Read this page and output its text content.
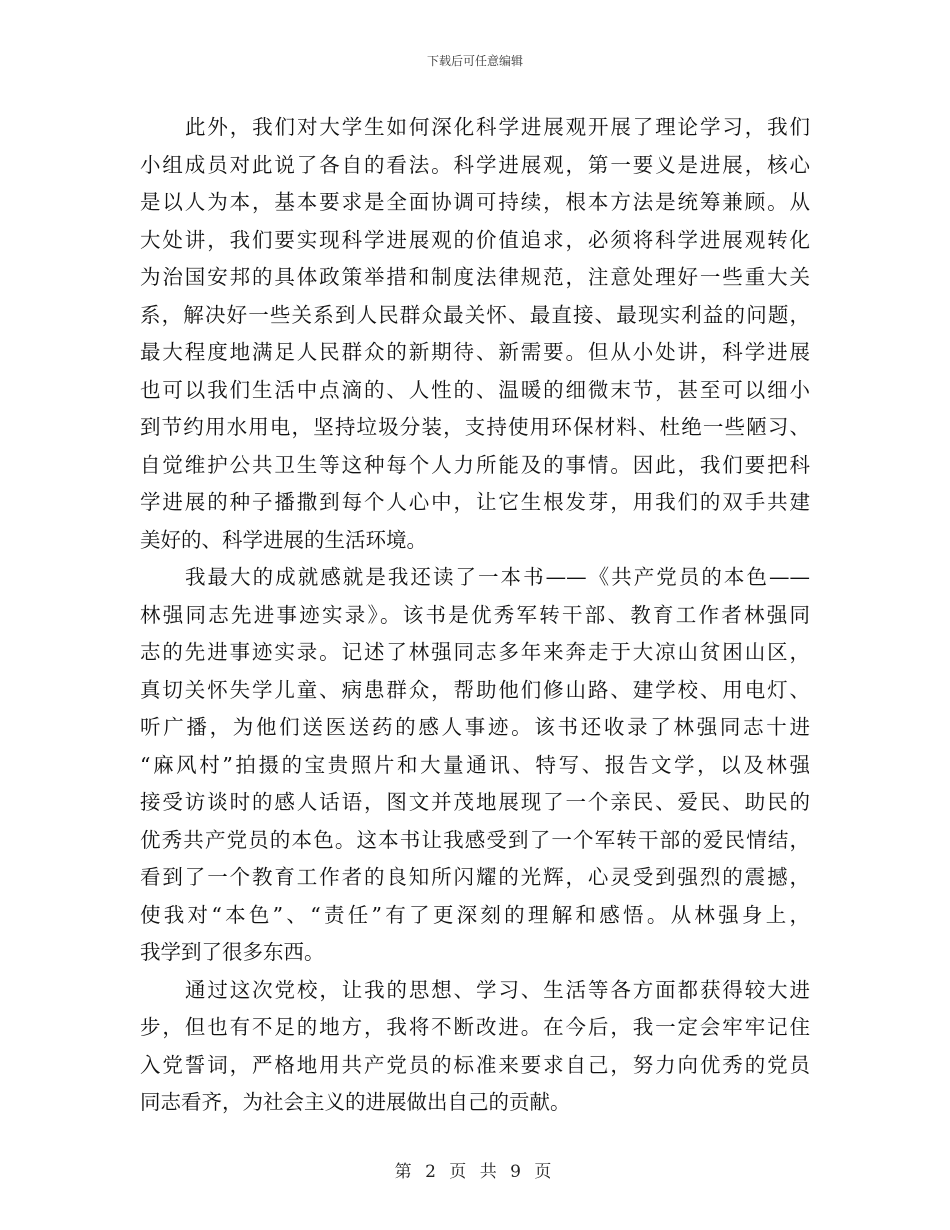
下载后可任意编辑
此外，我们对大学生如何深化科学进展观开展了理论学习，我们
小组成员对此说了各自的看法。科学进展观，第一要义是进展，核心
是以人为本，基本要求是全面协调可持续，根本方法是统筹兼顾。从
大处讲，我们要实现科学进展观的价值追求，必须将科学进展观转化
为治国安邦的具体政策举措和制度法律规范，注意处理好一些重大关
系，解决好一些关系到人民群众最关怀、最直接、最现实利益的问题，
最大程度地满足人民群众的新期待、新需要。但从小处讲，科学进展
也可以我们生活中点滴的、人性的、温暖的细微末节，甚至可以细小
到节约用水用电，坚持垃圾分装，支持使用环保材料、杜绝一些陋习、
自觉维护公共卫生等这种每个人力所能及的事情。因此，我们要把科
学进展的种子播撒到每个人心中，让它生根发芽，用我们的双手共建
美好的、科学进展的生活环境。
我最大的成就感就是我还读了一本书——《共产党员的本色——
林强同志先进事迹实录》。该书是优秀军转干部、教育工作者林强同
志的先进事迹实录。记述了林强同志多年来奔走于大凉山贫困山区，
真切关怀失学儿童、病患群众，帮助他们修山路、建学校、用电灯、
听广播，为他们送医送药的感人事迹。该书还收录了林强同志十进
“麻风村”拍摄的宝贵照片和大量通讯、特写、报告文学，以及林强
接受访谈时的感人话语，图文并茂地展现了一个亲民、爱民、助民的
优秀共产党员的本色。这本书让我感受到了一个军转干部的爱民情结，
看到了一个教育工作者的良知所闪耀的光辉，心灵受到强烈的震撼，
使我对“本色”、“责任”有了更深刻的理解和感悟。从林强身上，
我学到了很多东西。
通过这次党校，让我的思想、学习、生活等各方面都获得较大进
步，但也有不足的地方，我将不断改进。在今后，我一定会牢牢记住
入党誓词，严格地用共产党员的标准来要求自己，努力向优秀的党员
同志看齐，为社会主义的进展做出自己的贡献。
第 2 页 共 9 页
